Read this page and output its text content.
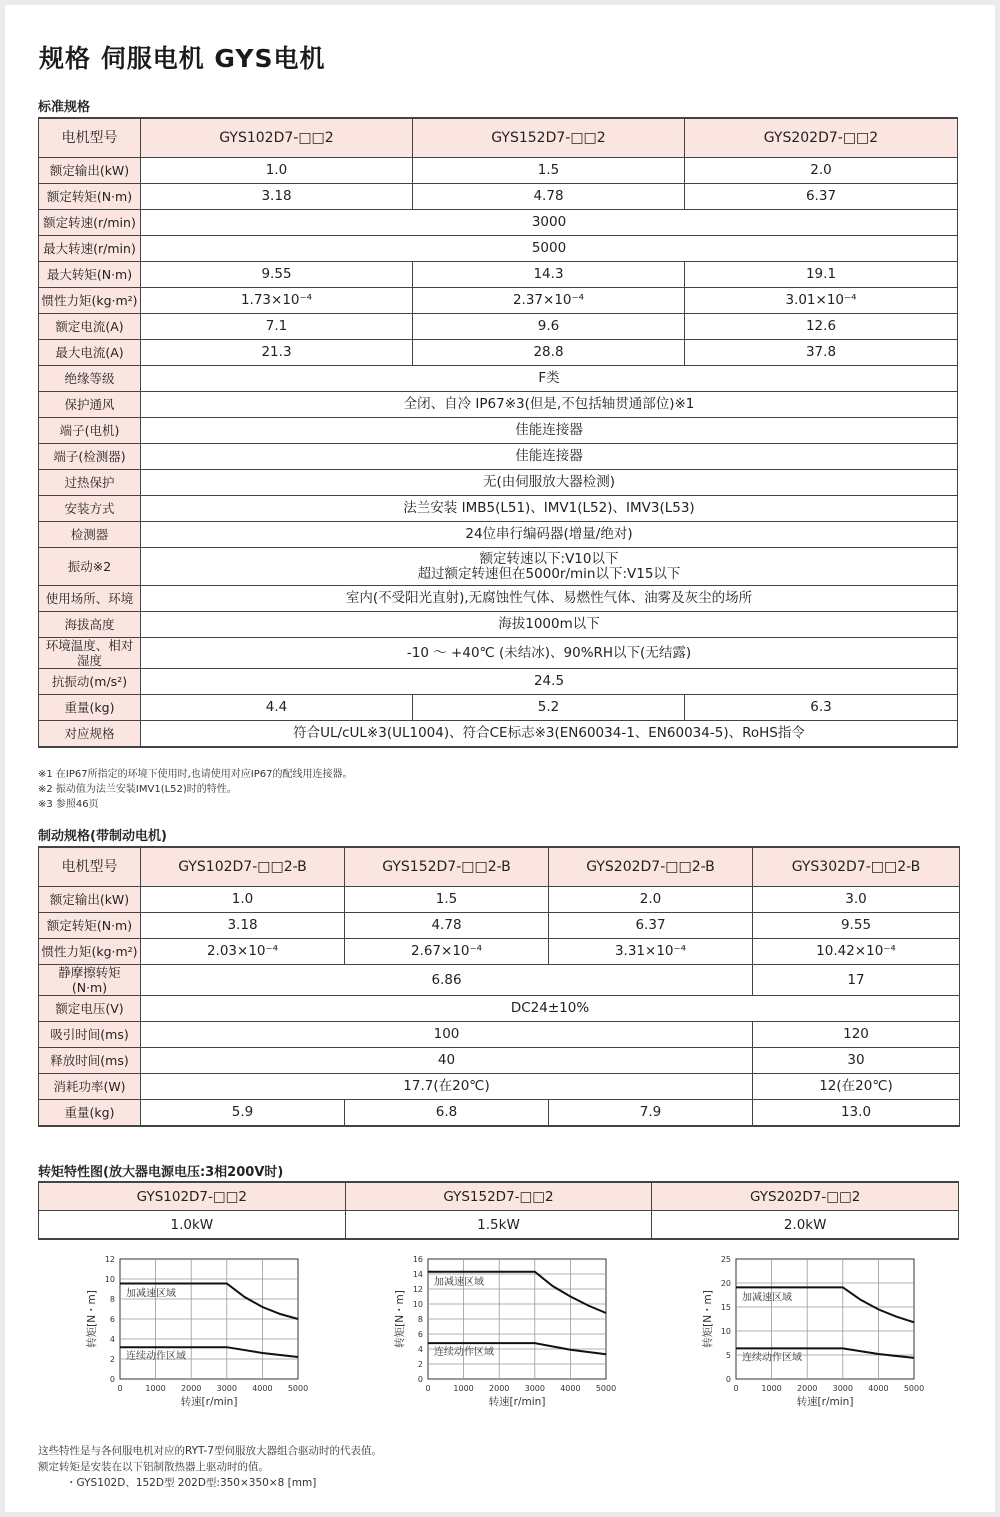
规格 伺服电机 GYS电机
标准规格
电机型号	GYS102D7-□□2	GYS152D7-□□2	GYS202D7-□□2
额定输出(kW)	1.0	1.5	2.0
额定转矩(N·m)	3.18	4.78	6.37
额定转速(r/min)	3000		
最大转速(r/min)	5000		
最大转矩(N·m)	9.55	14.3	19.1
惯性力矩(kg·m²)	1.73×10⁻⁴	2.37×10⁻⁴	3.01×10⁻⁴
额定电流(A)	7.1	9.6	12.6
最大电流(A)	21.3	28.8	37.8
绝缘等级	F类		
保护通风	全闭、自冷 IP67※3(但是,不包括轴贯通部位)※1		
端子(电机)	佳能连接器		
端子(检测器)	佳能连接器		
过热保护	无(由伺服放大器检测)		
安装方式	法兰安装 IMB5(L51)、IMV1(L52)、IMV3(L53)		
检测器	24位串行编码器(增量/绝对)		
振动※2	额定转速以下:V10以下
超过额定转速但在5000r/min以下:V15以下		
使用场所、环境	室内(不受阳光直射),无腐蚀性气体、易燃性气体、油雾及灰尘的场所		
海拔高度	海拔1000m以下		
环境温度、相对湿度	-10 ～ +40℃ (未结冰)、90%RH以下(无结露)		
抗振动(m/s²)	24.5		
重量(kg)	4.4	5.2	6.3
对应规格	符合UL/cUL※3(UL1004)、符合CE标志※3(EN60034-1、EN60034-5)、RoHS指令		
※1 在IP67所指定的环境下使用时,也请使用对应IP67的配线用连接器。
※2 振动值为法兰安装IMV1(L52)时的特性。
※3 参照46页
制动规格(带制动电机)
电机型号	GYS102D7-□□2-B	GYS152D7-□□2-B	GYS202D7-□□2-B	GYS302D7-□□2-B
额定输出(kW)	1.0	1.5	2.0	3.0
额定转矩(N·m)	3.18	4.78	6.37	9.55
惯性力矩(kg·m²)	2.03×10⁻⁴	2.67×10⁻⁴	3.31×10⁻⁴	10.42×10⁻⁴
静摩擦转矩(N·m)	6.86			17
额定电压(V)	DC24±10%			
吸引时间(ms)	100			120
释放时间(ms)	40			30
消耗功率(W)	17.7(在20℃)			12(在20℃)
重量(kg)	5.9	6.8	7.9	13.0
转矩特性图(放大器电源电压:3相200V时)
GYS102D7-□□2	GYS152D7-□□2	GYS202D7-□□2
1.0kW	1.5kW	2.0kW
0	1000 2000 3000 4000 5000
0
2
4
6
8
10
12
加减速区域
连续动作区域
转速[r/min]
转矩[N・m]
0	1000 2000 3000 4000 5000
0
2
4
6
8
10
12
14
16
加减速区域
连续动作区域
转速[r/min]
转矩[N・m]
0	1000 2000 3000 4000 5000
0
5
10
15
20
25
加减速区域
连续动作区域
转速[r/min]
转矩[N・m]
这些特性是与各伺服电机对应的RYT-7型伺服放大器组合驱动时的代表值。
额定转矩是安装在以下铝制散热器上驱动时的值。
・GYS102D、152D型 202D型:350×350×8 [mm]
